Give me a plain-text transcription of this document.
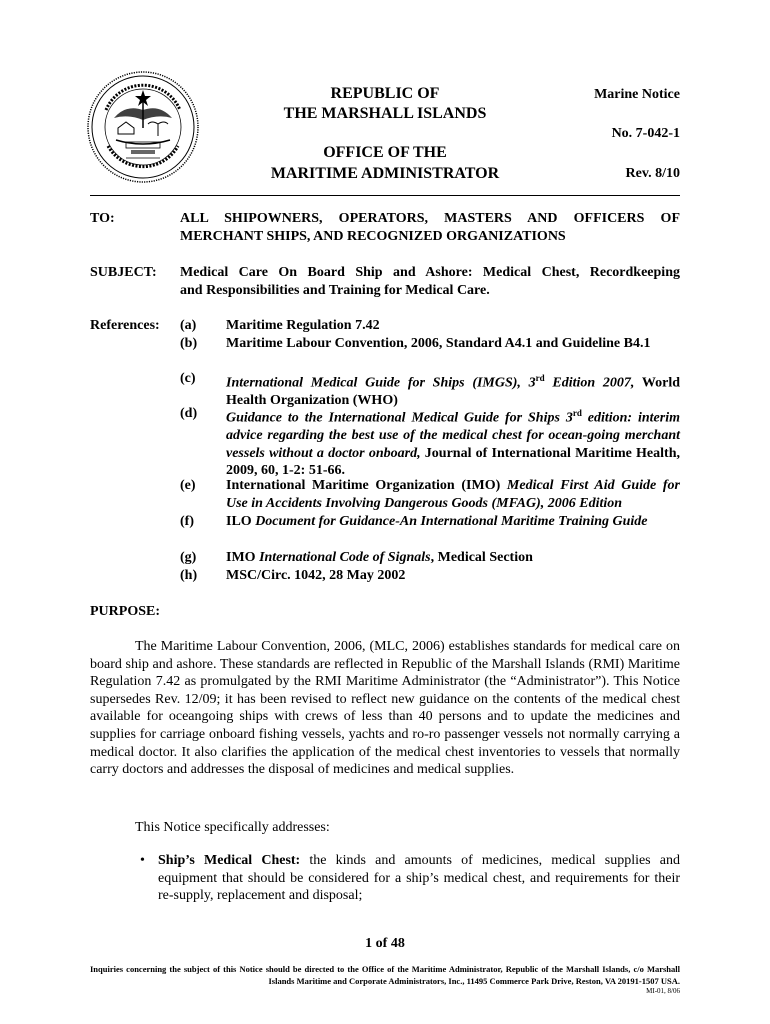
REPUBLIC OF
THE MARSHALL ISLANDS
OFFICE OF THE
MARITIME ADMINISTRATOR
Marine Notice
No. 7-042-1
Rev. 8/10
TO:	ALL SHIPOWNERS, OPERATORS, MASTERS AND OFFICERS OF
MERCHANT SHIPS, AND RECOGNIZED ORGANIZATIONS
SUBJECT: Medical Care On Board Ship and Ashore: Medical Chest, Recordkeeping
and Responsibilities and Training for Medical Care.
References: (a)	Maritime Regulation 7.42
(b)	Maritime Labour Convention, 2006, Standard A4.1 and Guideline B4.1
(c)	International Medical Guide for Ships (IMGS), 3rd Edition 2007, World Health Organization (WHO)
(d)	Guidance to the International Medical Guide for Ships 3rd edition: interim advice regarding the best use of the medical chest for ocean-going merchant vessels without a doctor onboard, Journal of International Maritime Health, 2009, 60, 1-2: 51-66.
(e)	International Maritime Organization (IMO) Medical First Aid Guide for Use in Accidents Involving Dangerous Goods (MFAG), 2006 Edition
(f)	ILO Document for Guidance-An International Maritime Training Guide
(g)	IMO International Code of Signals, Medical Section
(h)	MSC/Circ. 1042, 28 May 2002
PURPOSE:
The Maritime Labour Convention, 2006, (MLC, 2006) establishes standards for medical care on board ship and ashore. These standards are reflected in Republic of the Marshall Islands (RMI) Maritime Regulation 7.42 as promulgated by the RMI Maritime Administrator (the “Administrator”). This Notice supersedes Rev. 12/09; it has been revised to reflect new guidance on the contents of the medical chest available for oceangoing ships with crews of less than 40 persons and to update the medicines and supplies for carriage onboard fishing vessels, yachts and ro-ro passenger vessels not normally carrying a medical doctor. It also clarifies the application of the medical chest inventories to vessels that normally carry doctors and addresses the disposal of medicines and medical supplies.
This Notice specifically addresses:
• Ship’s Medical Chest: the kinds and amounts of medicines, medical supplies and equipment that should be considered for a ship’s medical chest, and requirements for their re-supply, replacement and disposal;
1 of 48
Inquiries concerning the subject of this Notice should be directed to the Office of the Maritime Administrator, Republic of the Marshall Islands, c/o Marshall Islands Maritime and Corporate Administrators, Inc., 11495 Commerce Park Drive, Reston, VA 20191-1507 USA.
MI-01, 8/06
